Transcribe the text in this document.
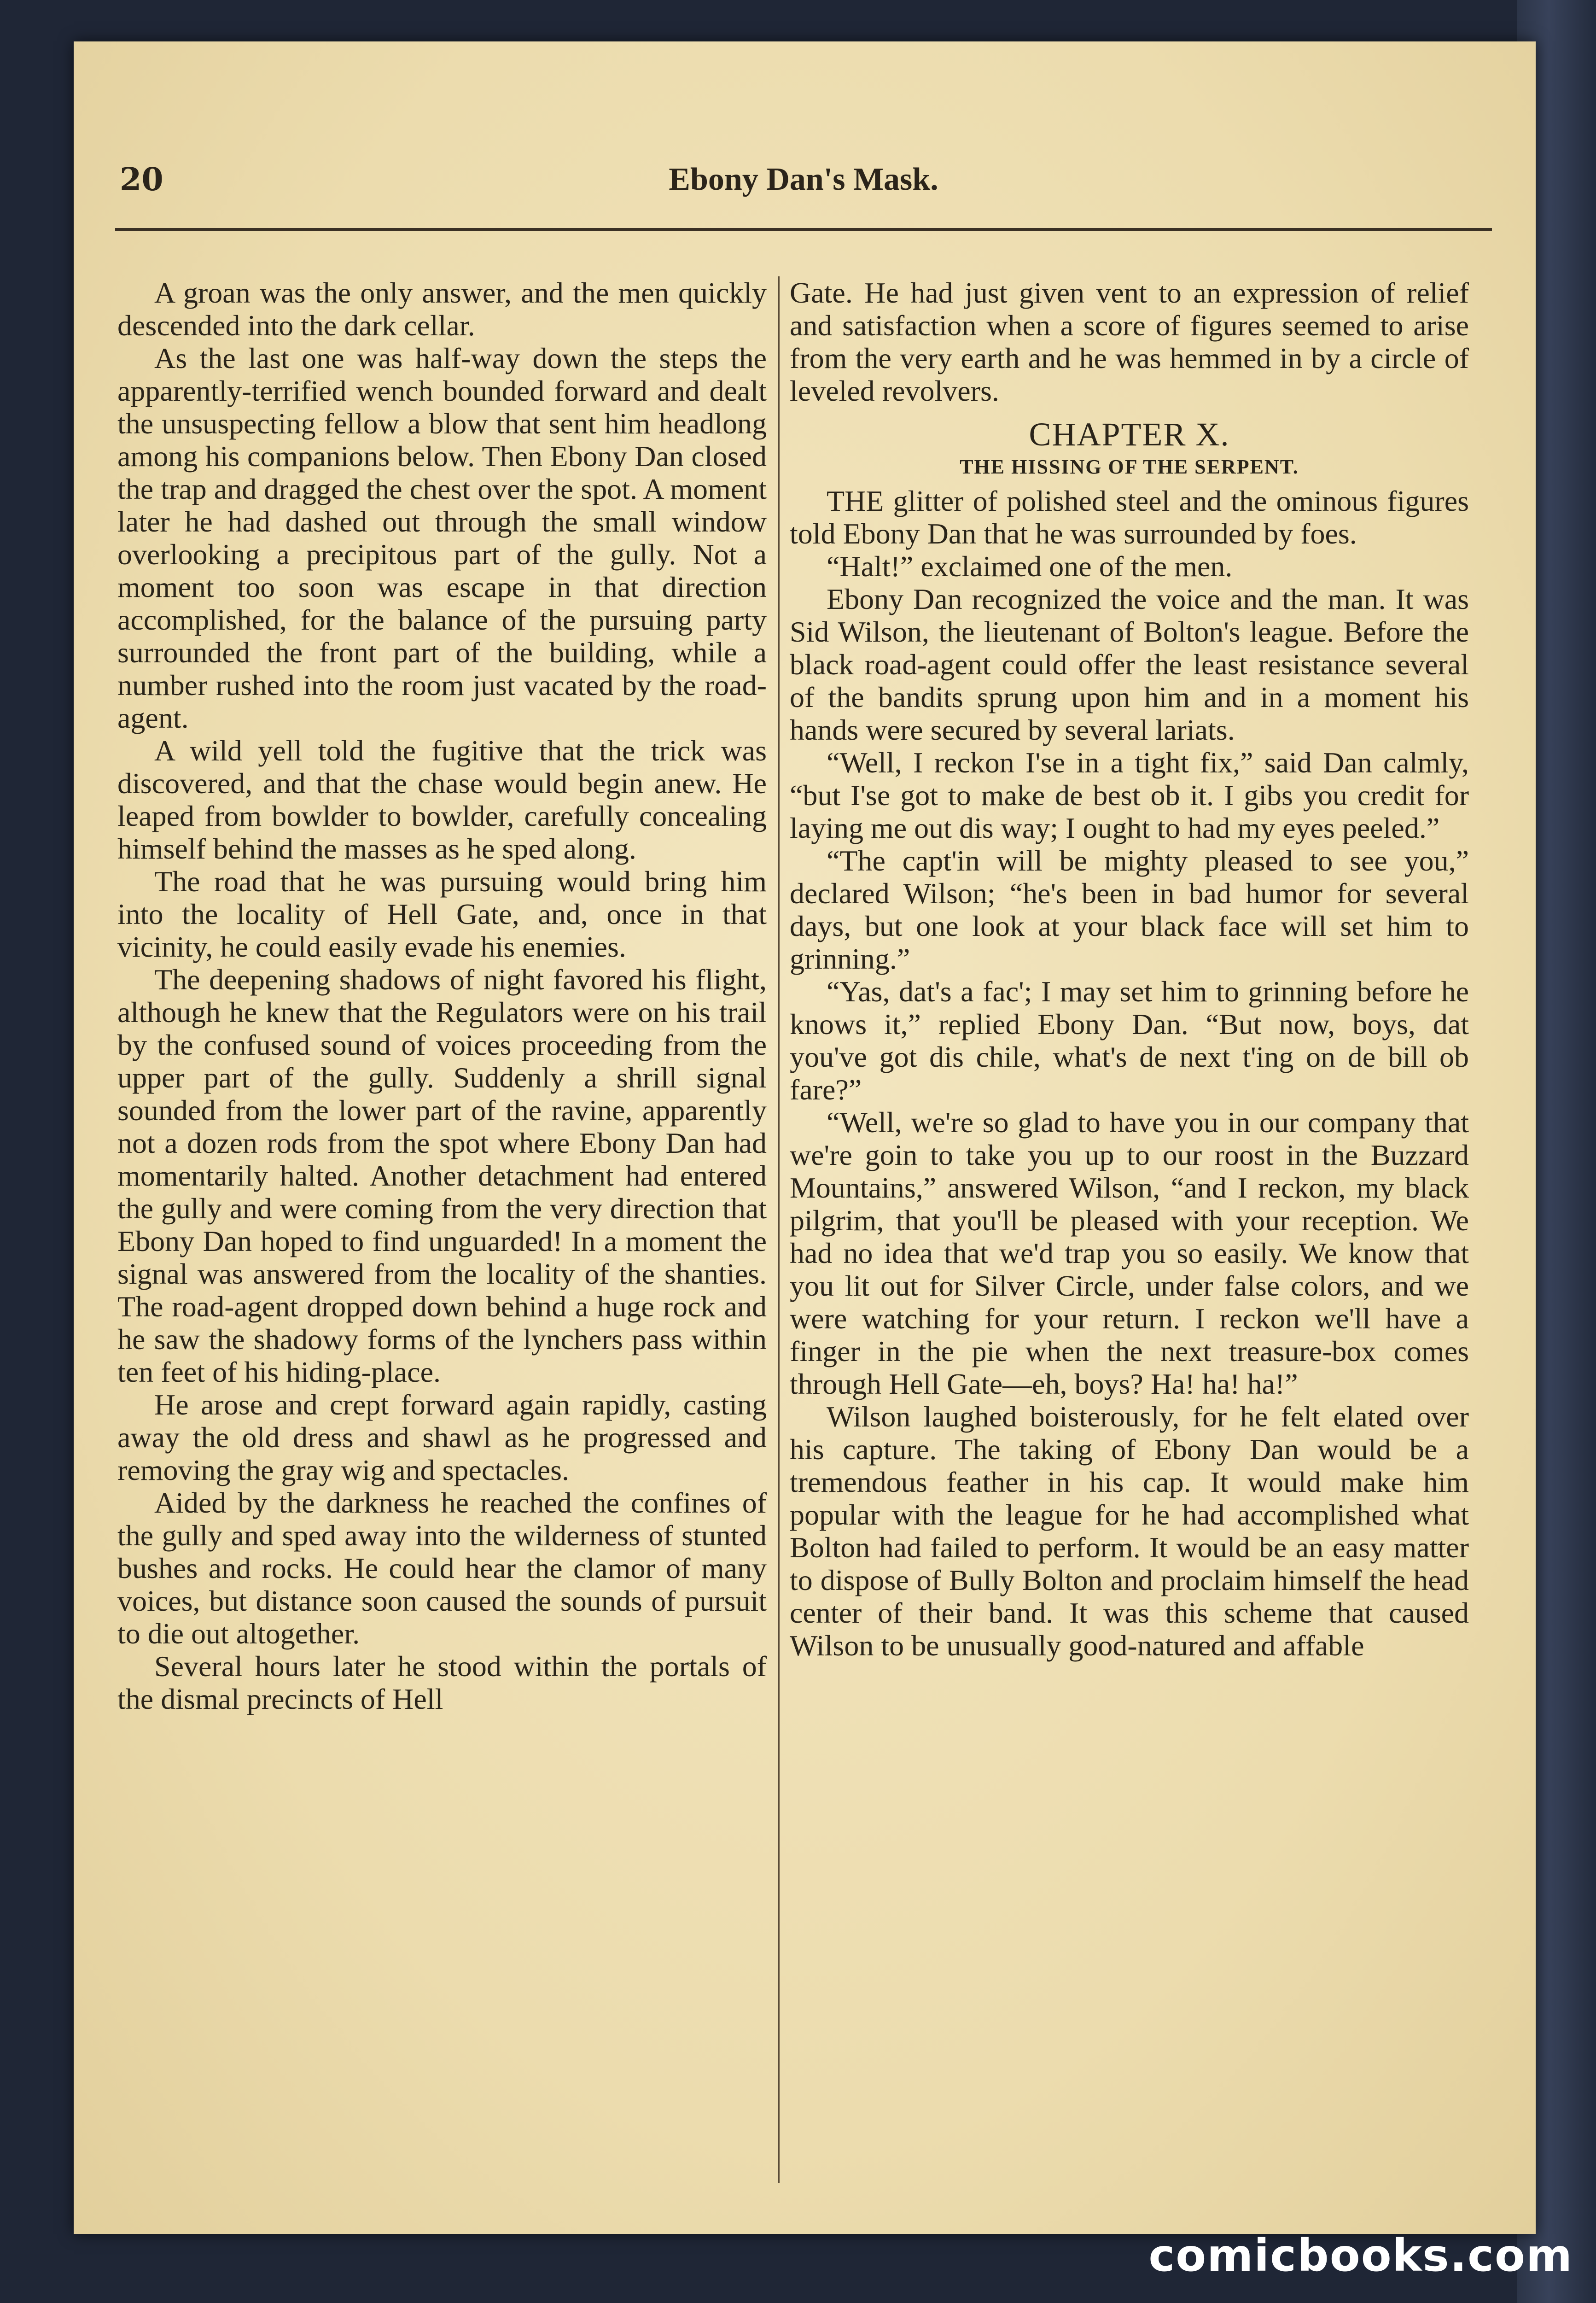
20	Ebony Dan's Mask.

A groan was the only answer, and the men quickly descended into the dark cellar.

As the last one was half-way down the steps the apparently-terrified wench bounded forward and dealt the unsuspecting fellow a blow that sent him headlong among his companions below. Then Ebony Dan closed the trap and dragged the chest over the spot. A moment later he had dashed out through the small window overlooking a precipitous part of the gully. Not a moment too soon was escape in that direction accomplished, for the balance of the pursuing party surrounded the front part of the building, while a number rushed into the room just vacated by the road-agent.

A wild yell told the fugitive that the trick was discovered, and that the chase would begin anew. He leaped from bowlder to bowlder, carefully concealing himself behind the masses as he sped along.

The road that he was pursuing would bring him into the locality of Hell Gate, and, once in that vicinity, he could easily evade his enemies.

The deepening shadows of night favored his flight, although he knew that the Regulators were on his trail by the confused sound of voices proceeding from the upper part of the gully. Suddenly a shrill signal sounded from the lower part of the ravine, apparently not a dozen rods from the spot where Ebony Dan had momentarily halted. Another detachment had entered the gully and were coming from the very direction that Ebony Dan hoped to find unguarded! In a moment the signal was answered from the locality of the shanties. The road-agent dropped down behind a huge rock and he saw the shadowy forms of the lynchers pass within ten feet of his hiding-place.

He arose and crept forward again rapidly, casting away the old dress and shawl as he progressed and removing the gray wig and spectacles.

Aided by the darkness he reached the confines of the gully and sped away into the wilderness of stunted bushes and rocks. He could hear the clamor of many voices, but distance soon caused the sounds of pursuit to die out altogether.

Several hours later he stood within the portals of the dismal precincts of Hell

Gate. He had just given vent to an expression of relief and satisfaction when a score of figures seemed to arise from the very earth and he was hemmed in by a circle of leveled revolvers.

CHAPTER X.
THE HISSING OF THE SERPENT.

THE glitter of polished steel and the ominous figures told Ebony Dan that he was surrounded by foes.

“Halt!” exclaimed one of the men.

Ebony Dan recognized the voice and the man. It was Sid Wilson, the lieutenant of Bolton's league. Before the black road-agent could offer the least resistance several of the bandits sprung upon him and in a moment his hands were secured by several lariats.

“Well, I reckon I'se in a tight fix,” said Dan calmly, “but I'se got to make de best ob it. I gibs you credit for laying me out dis way; I ought to had my eyes peeled.”

“The capt'in will be mighty pleased to see you,” declared Wilson; “he's been in bad humor for several days, but one look at your black face will set him to grinning.”

“Yas, dat's a fac'; I may set him to grinning before he knows it,” replied Ebony Dan. “But now, boys, dat you've got dis chile, what's de next t'ing on de bill ob fare?”

“Well, we're so glad to have you in our company that we're goin to take you up to our roost in the Buzzard Mountains,” answered Wilson, “and I reckon, my black pilgrim, that you'll be pleased with your reception. We had no idea that we'd trap you so easily. We know that you lit out for Silver Circle, under false colors, and we were watching for your return. I reckon we'll have a finger in the pie when the next treasure-box comes through Hell Gate—eh, boys? Ha! ha! ha!”

Wilson laughed boisterously, for he felt elated over his capture. The taking of Ebony Dan would be a tremendous feather in his cap. It would make him popular with the league for he had accomplished what Bolton had failed to perform. It would be an easy matter to dispose of Bully Bolton and proclaim himself the head center of their band. It was this scheme that caused Wilson to be unusually good-natured and affable

comicbooks.com
